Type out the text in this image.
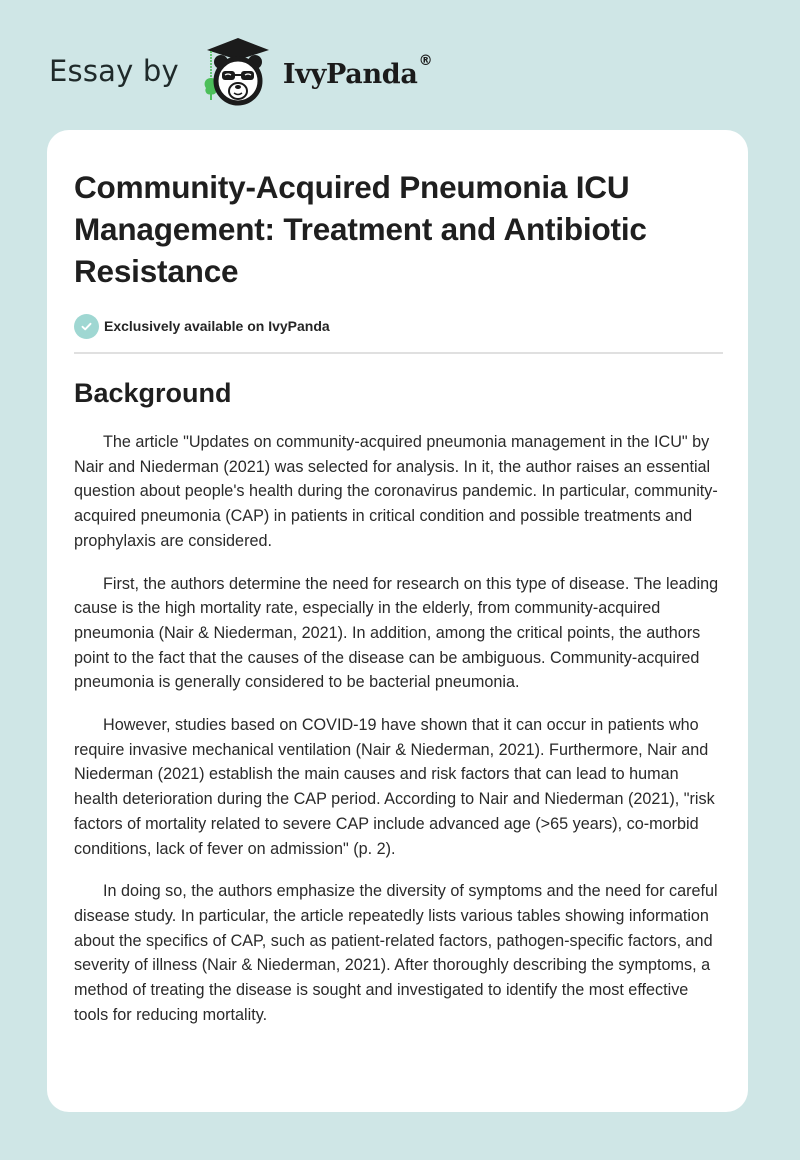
Essay by	IvyPanda®
Community-Acquired Pneumonia ICU Management: Treatment and Antibiotic Resistance
Exclusively available on IvyPanda
Background

The article "Updates on community-acquired pneumonia management in the ICU" by Nair and Niederman (2021) was selected for analysis. In it, the author raises an essential question about people's health during the coronavirus pandemic. In particular, community-acquired pneumonia (CAP) in patients in critical condition and possible treatments and prophylaxis are considered.

First, the authors determine the need for research on this type of disease. The leading cause is the high mortality rate, especially in the elderly, from community-acquired pneumonia (Nair & Niederman, 2021). In addition, among the critical points, the authors point to the fact that the causes of the disease can be ambiguous. Community-acquired pneumonia is generally considered to be bacterial pneumonia.

However, studies based on COVID-19 have shown that it can occur in patients who require invasive mechanical ventilation (Nair & Niederman, 2021). Furthermore, Nair and Niederman (2021) establish the main causes and risk factors that can lead to human health deterioration during the CAP period. According to Nair and Niederman (2021), "risk factors of mortality related to severe CAP include advanced age (>65 years), co-morbid conditions, lack of fever on admission" (p. 2).

In doing so, the authors emphasize the diversity of symptoms and the need for careful disease study. In particular, the article repeatedly lists various tables showing information about the specifics of CAP, such as patient-related factors, pathogen-specific factors, and severity of illness (Nair & Niederman, 2021). After thoroughly describing the symptoms, a method of treating the disease is sought and investigated to identify the most effective tools for reducing mortality.
